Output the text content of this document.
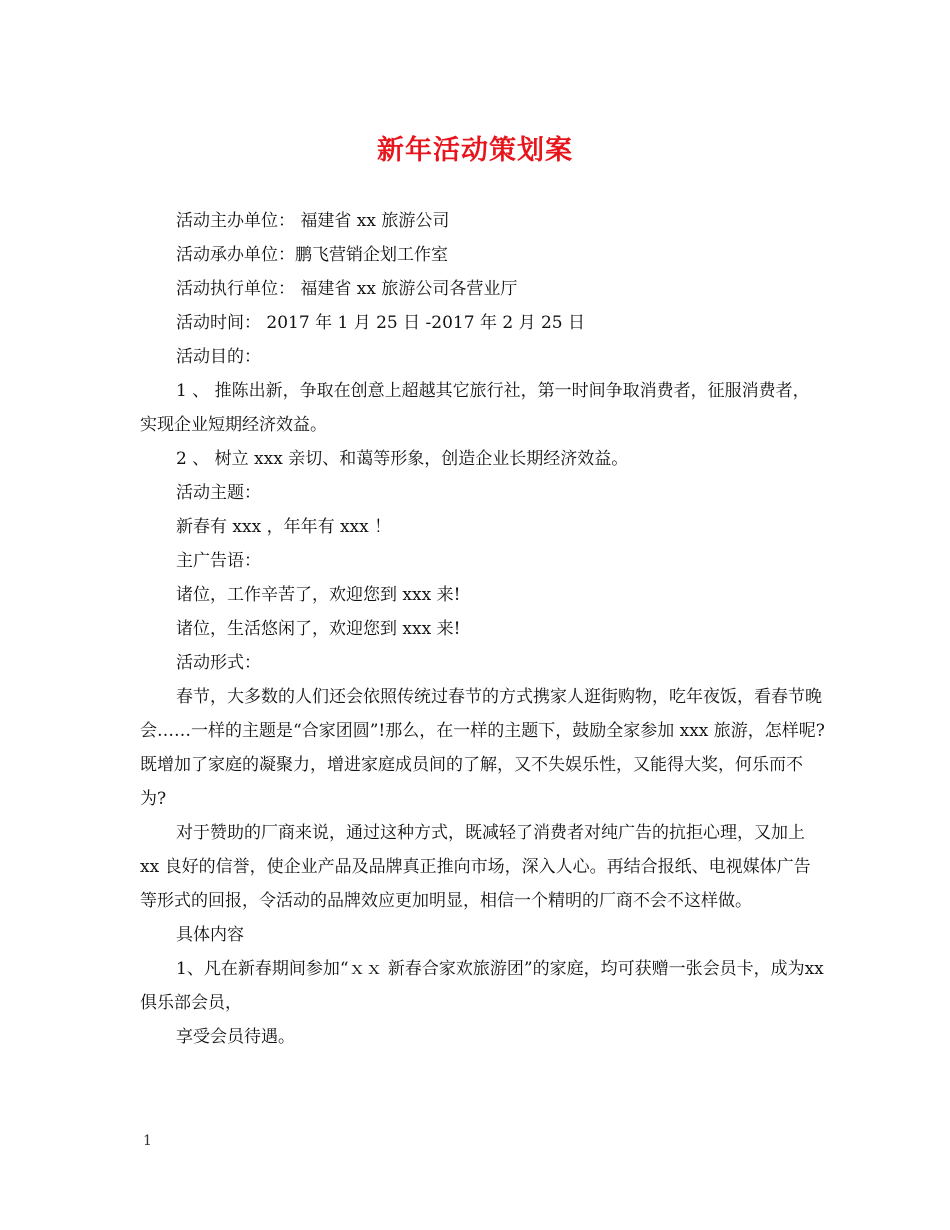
新年活动策划案

活动主办单位： 福建省 xx 旅游公司

活动承办单位：鹏飞营销企划工作室

活动执行单位： 福建省 xx 旅游公司各营业厅

活动时间： 2017 年 1 月 25 日 -2017 年 2 月 25 日

活动目的：

1 、 推陈出新，争取在创意上超越其它旅行社，第一时间争取消费者，征服消费者，实现企业短期经济效益。

2 、 树立 xxx 亲切、和蔼等形象，创造企业长期经济效益。

活动主题：

新春有 xxx ，年年有 xxx ！

主广告语：

诸位，工作辛苦了，欢迎您到 xxx 来!

诸位，生活悠闲了，欢迎您到 xxx 来!

活动形式：

春节，大多数的人们还会依照传统过春节的方式携家人逛街购物，吃年夜饭，看春节晚会……一样的主题是“合家团圆”!那么，在一样的主题下，鼓励全家参加 xxx 旅游，怎样呢?既增加了家庭的凝聚力，增进家庭成员间的了解，又不失娱乐性，又能得大奖，何乐而不为?

对于赞助的厂商来说，通过这种方式，既减轻了消费者对纯广告的抗拒心理，又加上 xx 良好的信誉，使企业产品及品牌真正推向市场，深入人心。再结合报纸、电视媒体广告等形式的回报，令活动的品牌效应更加明显，相信一个精明的厂商不会不这样做。

具体内容

1、凡在新春期间参加“ｘｘ 新春合家欢旅游团”的家庭，均可获赠一张会员卡，成为xx俱乐部会员，

享受会员待遇。

1
